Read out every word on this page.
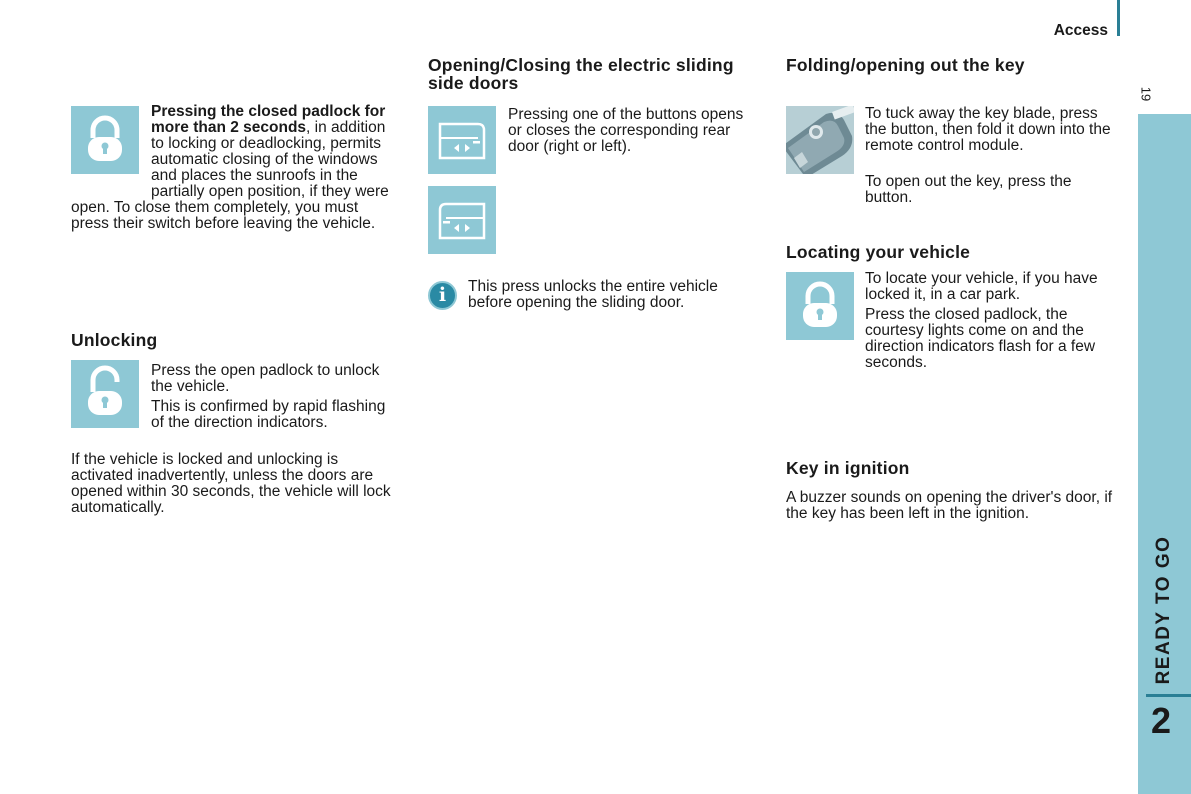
Access
19
READY TO GO
2
Pressing the closed padlock for more than 2 seconds, in addition to locking or deadlocking, permits automatic closing of the windows and places the sunroofs in the partially open position, if they were open. To close them completely, you must press their switch before leaving the vehicle.
Unlocking

Press the open padlock to unlock the vehicle.

This is confirmed by rapid flashing of the direction indicators.

If the vehicle is locked and unlocking is activated inadvertently, unless the doors are opened within 30 seconds, the vehicle will lock automatically.

Opening/Closing the electric sliding side doors

Pressing one of the buttons opens or closes the corresponding rear door (right or left).

i	This press unlocks the entire vehicle before opening the sliding door.

Folding/opening out the key

To tuck away the key blade, press the button, then fold it down into the remote control module.

To open out the key, press the button.

Locating your vehicle

To locate your vehicle, if you have locked it, in a car park.

Press the closed padlock, the courtesy lights come on and the direction indicators flash for a few seconds.

Key in ignition

A buzzer sounds on opening the driver's door, if the key has been left in the ignition.
